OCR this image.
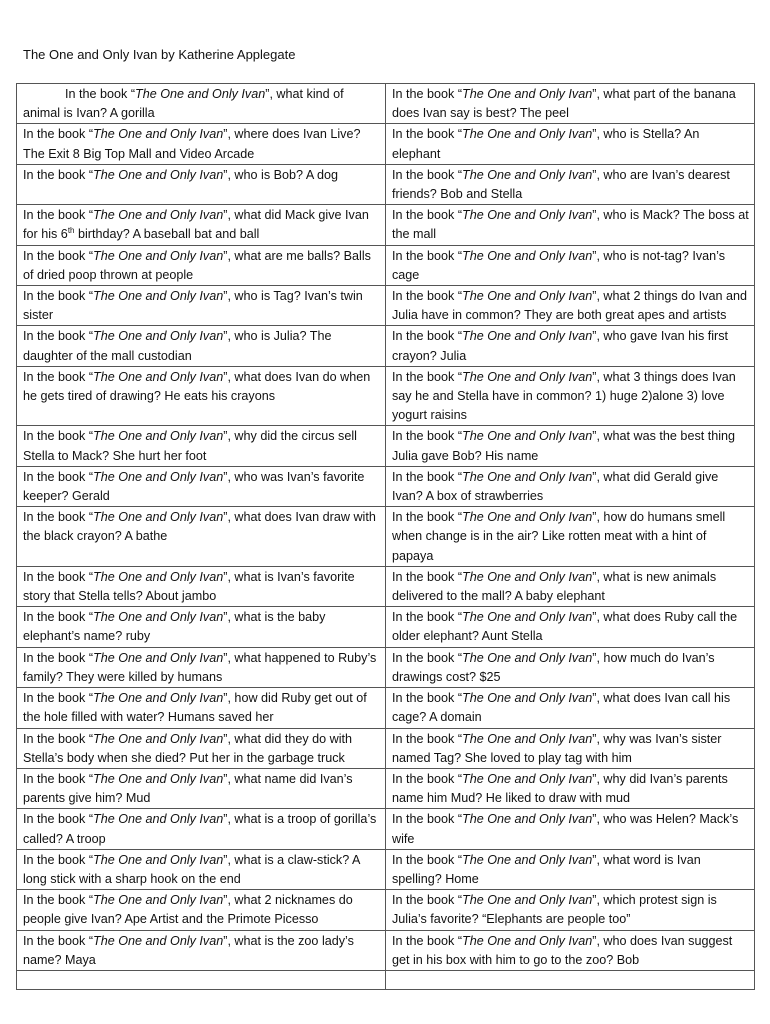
The One and Only Ivan by Katherine Applegate

In the book “The One and Only Ivan”, what kind of animal is Ivan? A gorilla	In the book “The One and Only Ivan”, what part of the banana does Ivan say is best? The peel
In the book “The One and Only Ivan”, where does Ivan Live? The Exit 8 Big Top Mall and Video Arcade	In the book “The One and Only Ivan”, who is Stella? An elephant
In the book “The One and Only Ivan”, who is Bob? A dog	In the book “The One and Only Ivan”, who are Ivan’s dearest friends? Bob and Stella
In the book “The One and Only Ivan”, what did Mack give Ivan for his 6th birthday? A baseball bat and ball	In the book “The One and Only Ivan”, who is Mack? The boss at the mall
In the book “The One and Only Ivan”, what are me balls? Balls of dried poop thrown at people	In the book “The One and Only Ivan”, who is not-tag? Ivan’s cage
In the book “The One and Only Ivan”, who is Tag? Ivan’s twin sister	In the book “The One and Only Ivan”, what 2 things do Ivan and Julia have in common? They are both great apes and artists
In the book “The One and Only Ivan”, who is Julia? The daughter of the mall custodian	In the book “The One and Only Ivan”, who gave Ivan his first crayon? Julia
In the book “The One and Only Ivan”, what does Ivan do when he gets tired of drawing? He eats his crayons	In the book “The One and Only Ivan”, what 3 things does Ivan say he and Stella have in common? 1) huge 2)alone 3) love yogurt raisins
In the book “The One and Only Ivan”, why did the circus sell Stella to Mack? She hurt her foot	In the book “The One and Only Ivan”, what was the best thing Julia gave Bob? His name
In the book “The One and Only Ivan”, who was Ivan’s favorite keeper? Gerald	In the book “The One and Only Ivan”, what did Gerald give Ivan? A box of strawberries
In the book “The One and Only Ivan”, what does Ivan draw with the black crayon? A bathe	In the book “The One and Only Ivan”, how do humans smell when change is in the air? Like rotten meat with a hint of papaya
In the book “The One and Only Ivan”, what is Ivan’s favorite story that Stella tells? About jambo	In the book “The One and Only Ivan”, what is new animals delivered to the mall? A baby elephant
In the book “The One and Only Ivan”, what is the baby elephant’s name? ruby	In the book “The One and Only Ivan”, what does Ruby call the older elephant? Aunt Stella
In the book “The One and Only Ivan”, what happened to Ruby’s family? They were killed by humans	In the book “The One and Only Ivan”, how much do Ivan’s drawings cost? $25
In the book “The One and Only Ivan”, how did Ruby get out of the hole filled with water? Humans saved her	In the book “The One and Only Ivan”, what does Ivan call his cage? A domain
In the book “The One and Only Ivan”, what did they do with Stella’s body when she died? Put her in the garbage truck	In the book “The One and Only Ivan”, why was Ivan’s sister named Tag? She loved to play tag with him
In the book “The One and Only Ivan”, what name did Ivan’s parents give him? Mud	In the book “The One and Only Ivan”, why did Ivan’s parents name him Mud? He liked to draw with mud
In the book “The One and Only Ivan”, what is a troop of gorilla’s called? A troop	In the book “The One and Only Ivan”, who was Helen? Mack’s wife
In the book “The One and Only Ivan”, what is a claw-stick? A long stick with a sharp hook on the end	In the book “The One and Only Ivan”, what word is Ivan spelling? Home
In the book “The One and Only Ivan”, what 2 nicknames do people give Ivan? Ape Artist and the Primote Picesso	In the book “The One and Only Ivan”, which protest sign is Julia’s favorite? “Elephants are people too”
In the book “The One and Only Ivan”, what is the zoo lady’s name? Maya	In the book “The One and Only Ivan”, who does Ivan suggest get in his box with him to go to the zoo? Bob
